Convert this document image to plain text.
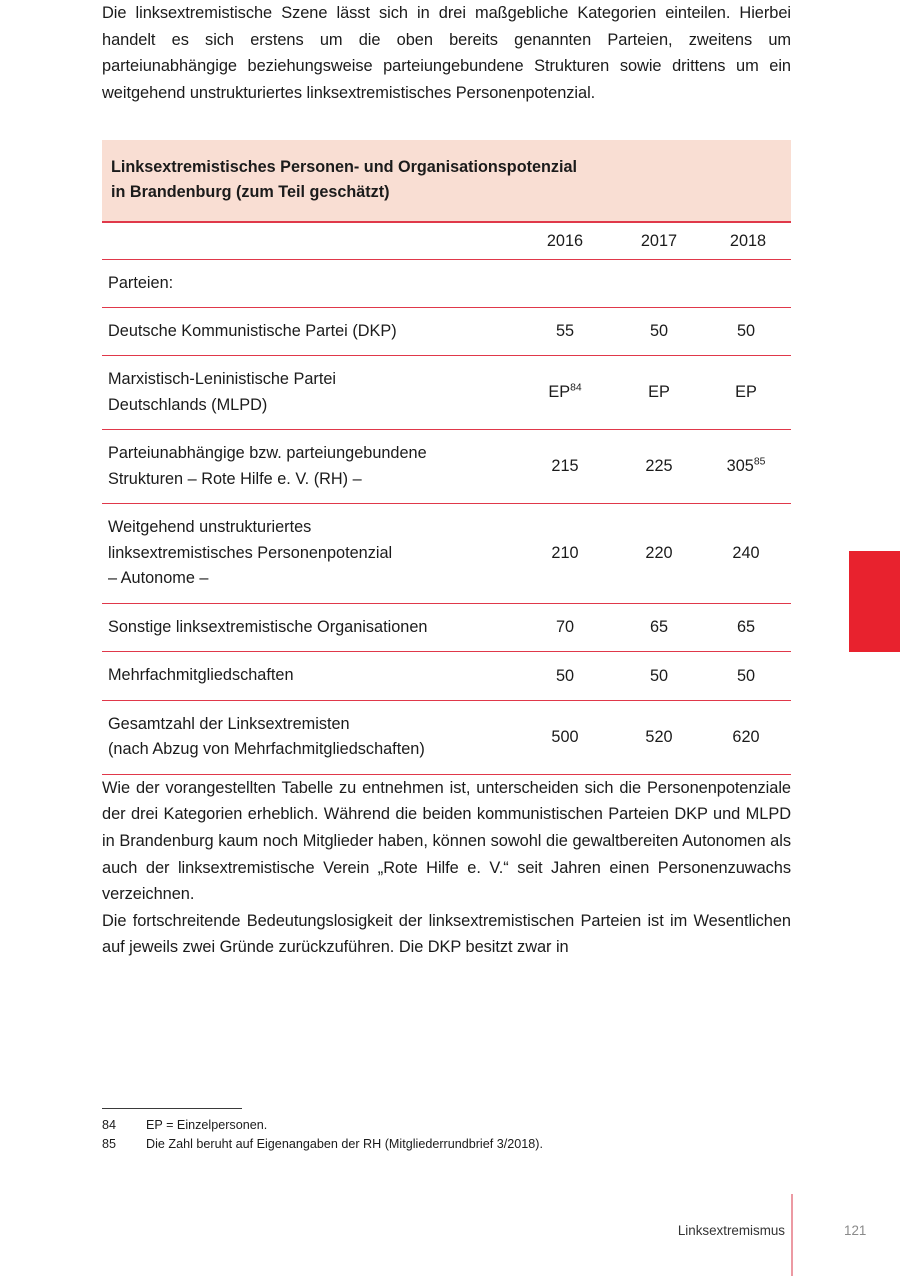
Die linksextremistische Szene lässt sich in drei maßgebliche Kategorien einteilen. Hierbei handelt es sich erstens um die oben bereits genannten Parteien, zweitens um parteiunabhängige beziehungsweise parteiungebundene Strukturen sowie drittens um ein weitgehend unstrukturiertes linksextremistisches Personenpotenzial.

Linksextremistisches Personen- und Organisationspotenzial
in Brandenburg (zum Teil geschätzt)			
	2016	2017	2018
Parteien:			
Deutsche Kommunistische Partei (DKP)	55	50	50
Marxistisch-Leninistische Partei
Deutschlands (MLPD)	EP$^{84}$	EP	EP
Parteiunabhängige bzw. parteiungebundene
Strukturen – Rote Hilfe e. V. (RH) –	215	225	305$^{85}$
Weitgehend unstrukturiertes
linksextremistisches Personenpotenzial
– Autonome –	210	220	240
Sonstige linksextremistische Organisationen	70	65	65
Mehrfachmitgliedschaften	50	50	50
Gesamtzahl der Linksextremisten
(nach Abzug von Mehrfachmitgliedschaften)	500	520	620

Wie der vorangestellten Tabelle zu entnehmen ist, unterscheiden sich die Personenpotenziale der drei Kategorien erheblich. Während die beiden kommunistischen Parteien DKP und MLPD in Brandenburg kaum noch Mitglieder haben, können sowohl die gewaltbereiten Autonomen als auch der linksextremistische Verein „Rote Hilfe e. V.“ seit Jahren einen Personenzuwachs verzeichnen.

Die fortschreitende Bedeutungslosigkeit der linksextremistischen Parteien ist im Wesentlichen auf jeweils zwei Gründe zurückzuführen. Die DKP besitzt zwar in

84	EP = Einzelpersonen.
85	Die Zahl beruht auf Eigenangaben der RH (Mitgliederrundbrief 3/2018).
Linksextremismus	121
